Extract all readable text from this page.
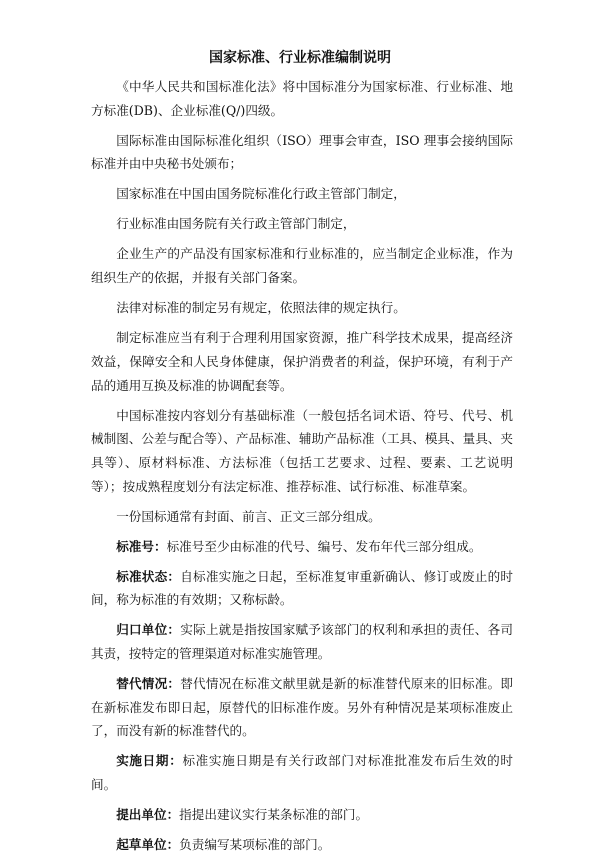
国家标准、行业标准编制说明

《中华人民共和国标准化法》将中国标准分为国家标准、行业标准、地方标准(DB)、企业标准(Q/)四级。

国际标准由国际标准化组织（ISO）理事会审查，ISO 理事会接纳国际标准并由中央秘书处颁布；

国家标准在中国由国务院标准化行政主管部门制定，

行业标准由国务院有关行政主管部门制定，

企业生产的产品没有国家标准和行业标准的，应当制定企业标准，作为组织生产的依据，并报有关部门备案。

法律对标准的制定另有规定，依照法律的规定执行。

制定标准应当有利于合理利用国家资源，推广科学技术成果，提高经济效益，保障安全和人民身体健康，保护消费者的利益，保护环境，有利于产品的通用互换及标准的协调配套等。

中国标准按内容划分有基础标准（一般包括名词术语、符号、代号、机械制图、公差与配合等）、产品标准、辅助产品标准（工具、模具、量具、夹具等）、原材料标准、方法标准（包括工艺要求、过程、要素、工艺说明等）；按成熟程度划分有法定标准、推荐标准、试行标准、标准草案。

一份国标通常有封面、前言、正文三部分组成。

标准号：标准号至少由标准的代号、编号、发布年代三部分组成。

标准状态：自标准实施之日起，至标准复审重新确认、修订或废止的时间，称为标准的有效期；又称标龄。

归口单位：实际上就是指按国家赋予该部门的权利和承担的责任、各司其责，按特定的管理渠道对标准实施管理。

替代情况：替代情况在标准文献里就是新的标准替代原来的旧标准。即在新标准发布即日起，原替代的旧标准作废。另外有种情况是某项标准废止了，而没有新的标准替代的。

实施日期：标准实施日期是有关行政部门对标准批准发布后生效的时间。

提出单位：指提出建议实行某条标准的部门。

起草单位：负责编写某项标准的部门。
